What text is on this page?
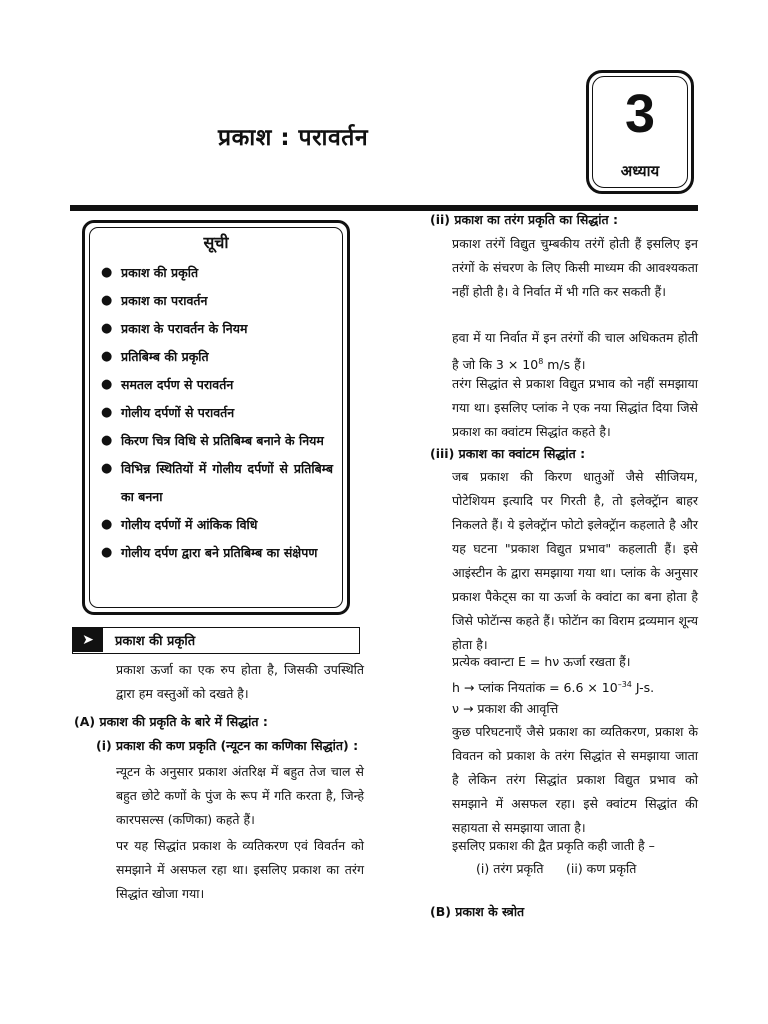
प्रकाश : परावर्तन	3
अध्याय
सूची
● प्रकाश की प्रकृति
● प्रकाश का परावर्तन
● प्रकाश के परावर्तन के नियम
● प्रतिबिम्ब की प्रकृति
● समतल दर्पण से परावर्तन
● गोलीय दर्पणों से परावर्तन
● किरण चित्र विधि से प्रतिबिम्ब बनाने के नियम
● विभिन्न स्थितियों में गोलीय दर्पणों से प्रतिबिम्ब का बनना
● गोलीय दर्पणों में आंकिक विधि
● गोलीय दर्पण द्वारा बने प्रतिबिम्ब का संक्षेपण
➤	प्रकाश की प्रकृति
प्रकाश ऊर्जा का एक रुप होता है, जिसकी उपस्थिति द्वारा हम वस्तुओं को दखते है।
(A) प्रकाश की प्रकृति के बारे में सिद्धांत :
(i) प्रकाश की कण प्रकृति (न्यूटन का कणिका सिद्धांत) :
न्यूटन के अनुसार प्रकाश अंतरिक्ष में बहुत तेज चाल से बहुत छोटे कणों के पुंज के रूप में गति करता है, जिन्हे कारपसल्स (कणिका) कहते हैं।
पर यह सिद्धांत प्रकाश के व्यतिकरण एवं विवर्तन को समझाने में असफल रहा था। इसलिए प्रकाश का तरंग सिद्धांत खोजा गया।
(ii) प्रकाश का तरंग प्रकृति का सिद्धांत :
प्रकाश तरंगें विद्युत चुम्बकीय तरंगें होती हैं इसलिए इन तरंगों के संचरण के लिए किसी माध्यम की आवश्यकता नहीं होती है। वे निर्वात में भी गति कर सकती हैं।
हवा में या निर्वात में इन तरंगों की चाल अधिकतम होती है जो कि $3 \times 10^8$ m/s हैं।
तरंग सिद्धांत से प्रकाश विद्युत प्रभाव को नहीं समझाया गया था। इसलिए प्लांक ने एक नया सिद्धांत दिया जिसे प्रकाश का क्वांटम सिद्धांत कहते है।
(iii) प्रकाश का क्वांटम सिद्धांत :
जब प्रकाश की किरण धातुओं जैसे सीजियम, पोटेशियम इत्यादि पर गिरती है, तो इलेक्ट्रॅान बाहर निकलते हैं। ये इलेक्ट्रॅान फोटो इलेक्ट्रॅान कहलाते है और यह घटना "प्रकाश विद्युत प्रभाव" कहलाती हैं। इसे आइंस्टीन के द्वारा समझाया गया था। प्लांक के अनुसार प्रकाश पैकेट्स का या ऊर्जा के क्वांटा का बना होता है जिसे फोटॅान्स कहते हैं। फोटॅान का विराम द्रव्यमान शून्य होता है।
प्रत्येक क्वान्टा E = hν ऊर्जा रखता हैं।
h → प्लांक नियतांक = $6.6 \times 10^{-34}$ J-s.
ν → प्रकाश की आवृत्ति
कुछ परिघटनाऍं जैसे प्रकाश का व्यतिकरण, प्रकाश के विवतन को प्रकाश के तरंग सिद्धांत से समझाया जाता है लेकिन तरंग सिद्धांत प्रकाश विद्युत प्रभाव को समझाने में असफल रहा। इसे क्वांटम सिद्धांत की सहायता से समझाया जाता है।
इसलिए प्रकाश की द्वैत प्रकृति कही जाती है –
(i) तरंग प्रकृति (ii) कण प्रकृति
(B) प्रकाश के स्त्रोत
